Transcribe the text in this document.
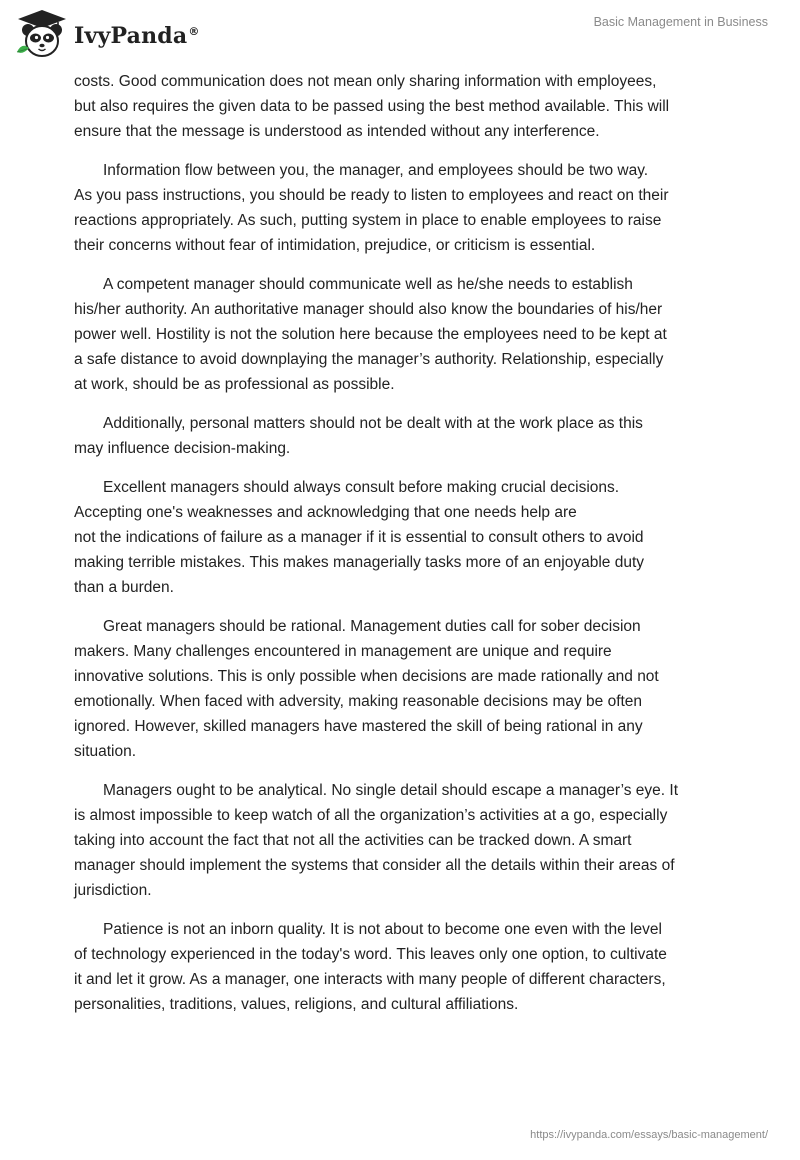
IvyPanda®
Basic Management in Business

costs. Good communication does not mean only sharing information with employees,
but also requires the given data to be passed using the best method available. This will
ensure that the message is understood as intended without any interference.

Information flow between you, the manager, and employees should be two way.
As you pass instructions, you should be ready to listen to employees and react on their
reactions appropriately. As such, putting system in place to enable employees to raise
their concerns without fear of intimidation, prejudice, or criticism is essential.

A competent manager should communicate well as he/she needs to establish
his/her authority. An authoritative manager should also know the boundaries of his/her
power well. Hostility is not the solution here because the employees need to be kept at
a safe distance to avoid downplaying the manager’s authority. Relationship, especially
at work, should be as professional as possible.

Additionally, personal matters should not be dealt with at the work place as this
may influence decision-making.

Excellent managers should always consult before making crucial decisions.
Accepting one's weaknesses and acknowledging that one needs help are
not the indications of failure as a manager if it is essential to consult others to avoid
making terrible mistakes. This makes managerially tasks more of an enjoyable duty
than a burden.

Great managers should be rational. Management duties call for sober decision
makers. Many challenges encountered in management are unique and require
innovative solutions. This is only possible when decisions are made rationally and not
emotionally. When faced with adversity, making reasonable decisions may be often
ignored. However, skilled managers have mastered the skill of being rational in any
situation.

Managers ought to be analytical. No single detail should escape a manager’s eye. It
is almost impossible to keep watch of all the organization’s activities at a go, especially
taking into account the fact that not all the activities can be tracked down. A smart
manager should implement the systems that consider all the details within their areas of
jurisdiction.

Patience is not an inborn quality. It is not about to become one even with the level
of technology experienced in the today's word. This leaves only one option, to cultivate
it and let it grow. As a manager, one interacts with many people of different characters,
personalities, traditions, values, religions, and cultural affiliations.

https://ivypanda.com/essays/basic-management/
